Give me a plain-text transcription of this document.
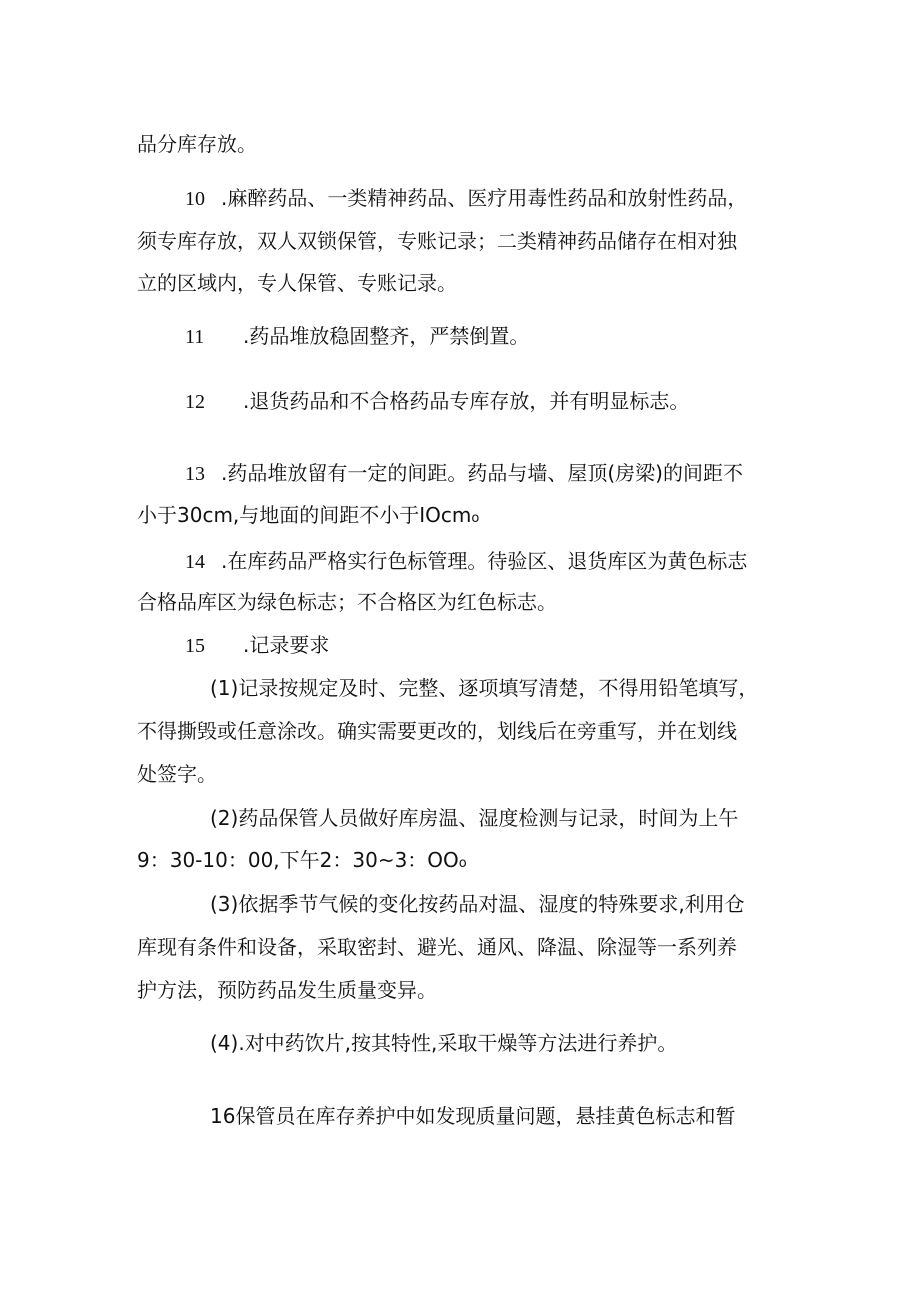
品分库存放。

10 .麻醉药品、一类精神药品、医疗用毒性药品和放射性药品，

须专库存放，双人双锁保管，专账记录；二类精神药品储存在相对独

立的区域内，专人保管、专账记录。

11 .药品堆放稳固整齐，严禁倒置。

12 .退货药品和不合格药品专库存放，并有明显标志。

13 .药品堆放留有一定的间距。药品与墙、屋顶(房梁)的间距不

小于30cm,与地面的间距不小于IOcmo

14 .在库药品严格实行色标管理。待验区、退货库区为黄色标志

合格品库区为绿色标志；不合格区为红色标志。

15 .记录要求

(1)记录按规定及时、完整、逐项填写清楚，不得用铅笔填写，

不得撕毁或任意涂改。确实需要更改的，划线后在旁重写，并在划线

处签字。

(2)药品保管人员做好库房温、湿度检测与记录，时间为上午

9：30-10：00,下午2：30~3：OOo

(3)依据季节气候的变化按药品对温、湿度的特殊要求,利用仓

库现有条件和设备，采取密封、避光、通风、降温、除湿等一系列养

护方法，预防药品发生质量变异。

(4).对中药饮片,按其特性,采取干燥等方法进行养护。

16保管员在库存养护中如发现质量问题，悬挂黄色标志和暂
